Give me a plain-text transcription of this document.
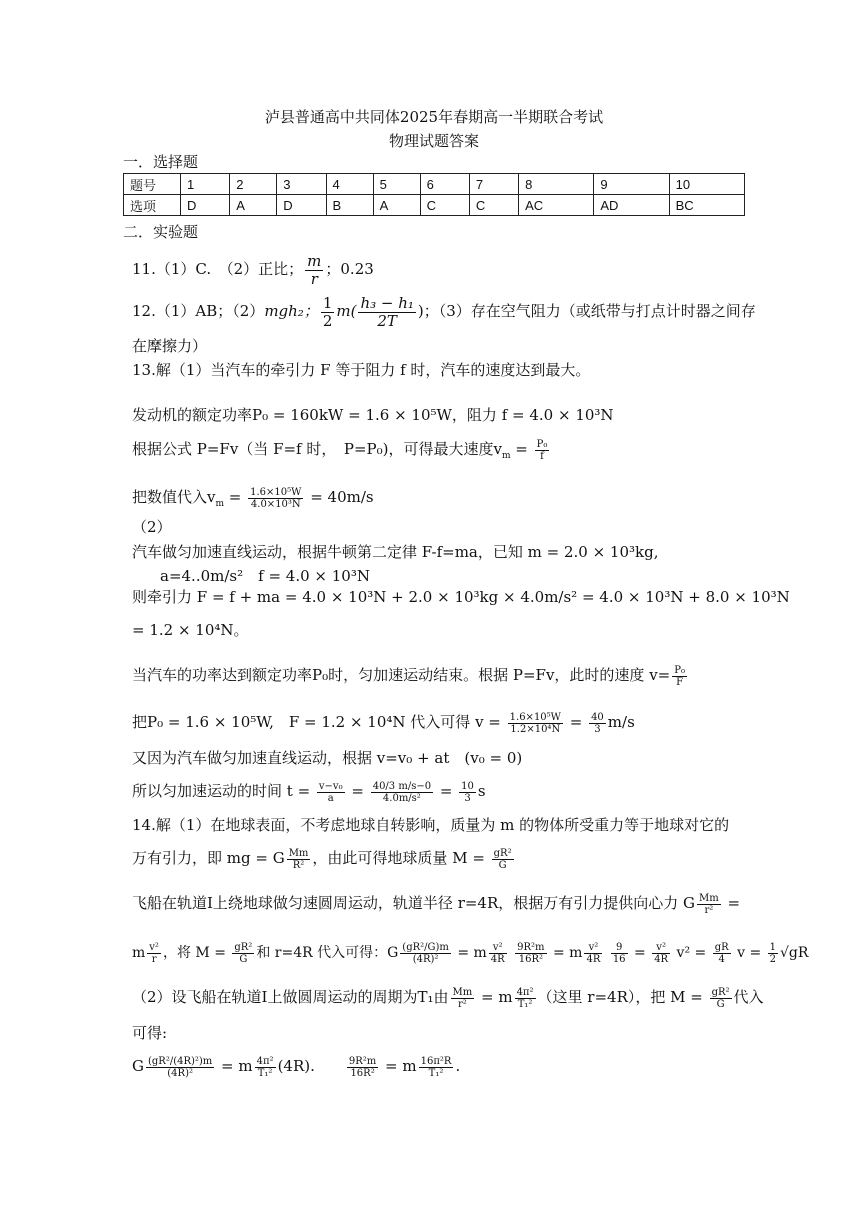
泸县普通高中共同体2025年春期高一半期联合考试
物理试题答案
一．选择题
题号	1	2	3	4	5	6	7	8	9	10
选项	D	A	D	B	A	C	C	AC	AD	BC
二．实验题
11.（1）C.　（2）正比； $\frac{m}{r}$ ；0.23
12.（1）AB；（2）mgh₂； $\frac{1}{2} m( \frac{\text{h₃ − h₁}}{2T}$ )；（3）存在空气阻力（或纸带与打点计时器之间存
在摩擦力）
13.解（1）当汽车的牵引力 F 等于阻力 f 时，汽车的速度达到最大。
发动机的额定功率P₀ = 160kW = 1.6 × 10⁵W，阻力 f = 4.0 × 10³N
根据公式 P=Fv（当 F=f 时，　P=P₀)，可得最大速度$v_m = \frac{\text{P₀}}{f}$
把数值代入$v_m = \frac{\text{1.6×10⁵W}}{\text{4.0×10³N}} = 40m/s$
（2）
汽车做匀加速直线运动，根据牛顿第二定律 F-f=ma，已知 m = 2.0 × 10³kg,
a=4..0m/s²　f = 4.0 × 10³N
则牵引力 F = f + ma = 4.0 × 10³N + 2.0 × 10³kg × 4.0m/s² = 4.0 × 10³N + 8.0 × 10³N
= 1.2 × 10⁴N。
当汽车的功率达到额定功率P₀时，匀加速运动结束。根据 P=Fv，此时的速度 $v= \frac{\text{P₀}}{F}$
把P₀ = 1.6 × 10⁵W,　F = 1.2 × 10⁴N 代入可得 $v = \frac{\text{1.6×10⁵W}}{\text{1.2×10⁴N}} = \frac{40}{3} m/s$
又因为汽车做匀加速直线运动，根据 v=v₀ + at　(v₀ = 0)
所以匀加速运动的时间 $t = \frac{\text{v−v₀}}{a} = \frac{40/3 m/s-0}{\text{4.0m/s²}} = \frac{10}{3}$ s
14.解（1）在地球表面，不考虑地球自转影响，质量为 m 的物体所受重力等于地球对它的
万有引力，即 mg = G $\frac{Mm}{\text{R²}}$ ，由此可得地球质量 $M = \frac{\text{gR²}}{G}$
飞船在轨道Ⅰ上绕地球做匀速圆周运动，轨道半径 r=4R，根据万有引力提供向心力 G $\frac{Mm}{\text{r²}}$ =
m $\frac{\text{v²}}{r}$ ，将 $M = \frac{\text{gR²}}{G}$ 和 r=4R 代入可得：G $\frac{\text{(gR²/G)m}}{\text{(4R)²}} = m \frac{\text{v²}}{4R}$
$\frac{\text{9R²m}}{\text{16R²}} = m \frac{\text{v²}}{4R}$
$\frac{9}{16} = \frac{\text{v²}}{4R} v^2 = \frac{gR}{4}$ $v = \frac{1}{2} √gR$
（2）设飞船在轨道Ⅰ上做圆周运动的周期为T₁由 $\frac{Mm}{\text{r²}} = m \frac{\text{4π²}}{\text{T₁²}}$ （这里 r=4R），把 $M = \frac{\text{gR²}}{G}$ 代入
可得:
G $\frac{\text{(gR²/(4R)²)m}}{\text{(4R)²}} = m \frac{\text{4π²}}{\text{T₁²}} (4R)$.　　 $\frac{\text{9R²m}}{\text{16R²}} = m \frac{\text{16π²R}}{\text{T₁²}}$ .
